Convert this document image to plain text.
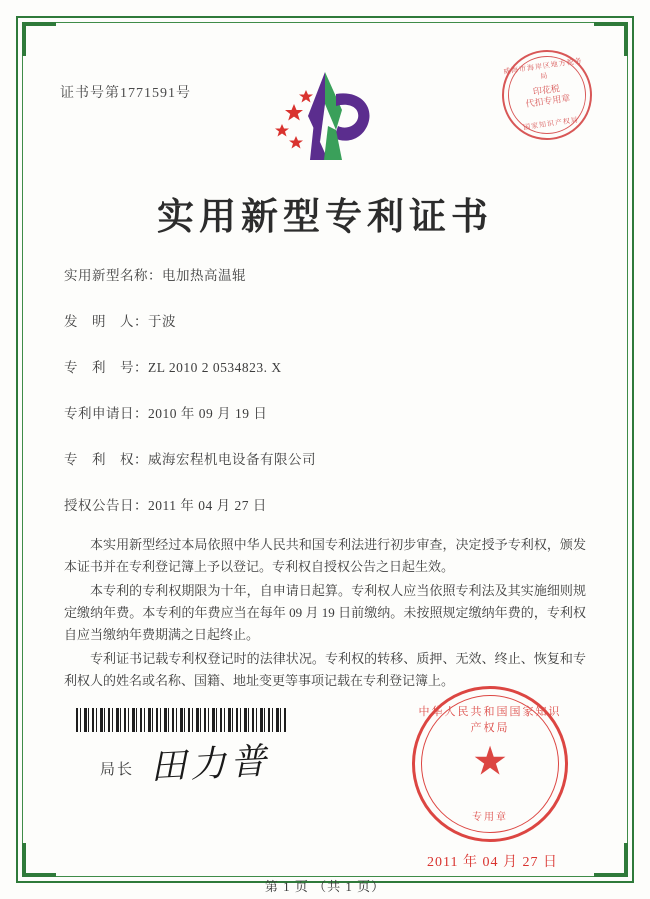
证书号第1771591号
威海市海岸区地方税务局
印花税
代扣专用章
国家知识产权局
实用新型专利证书
实用新型名称： 电加热高温辊
发　明　人： 于波
专　利　号： ZL 2010 2 0534823. X
专利申请日： 2010 年 09 月 19 日
专　利　权： 威海宏程机电设备有限公司
授权公告日： 2011 年 04 月 27 日

本实用新型经过本局依照中华人民共和国专利法进行初步审查，决定授予专利权，颁发本证书并在专利登记簿上予以登记。专利权自授权公告之日起生效。

本专利的专利权期限为十年，自申请日起算。专利权人应当依照专利法及其实施细则规定缴纳年费。本专利的年费应当在每年 09 月 19 日前缴纳。未按照规定缴纳年费的，专利权自应当缴纳年费期满之日起终止。

专利证书记载专利权登记时的法律状况。专利权的转移、质押、无效、终止、恢复和专利权人的姓名或名称、国籍、地址变更等事项记载在专利登记簿上。

局长 田力普
中华人民共和国国家知识产权局
★
专用章
2011 年 04 月 27 日
第 1 页 （共 1 页）
